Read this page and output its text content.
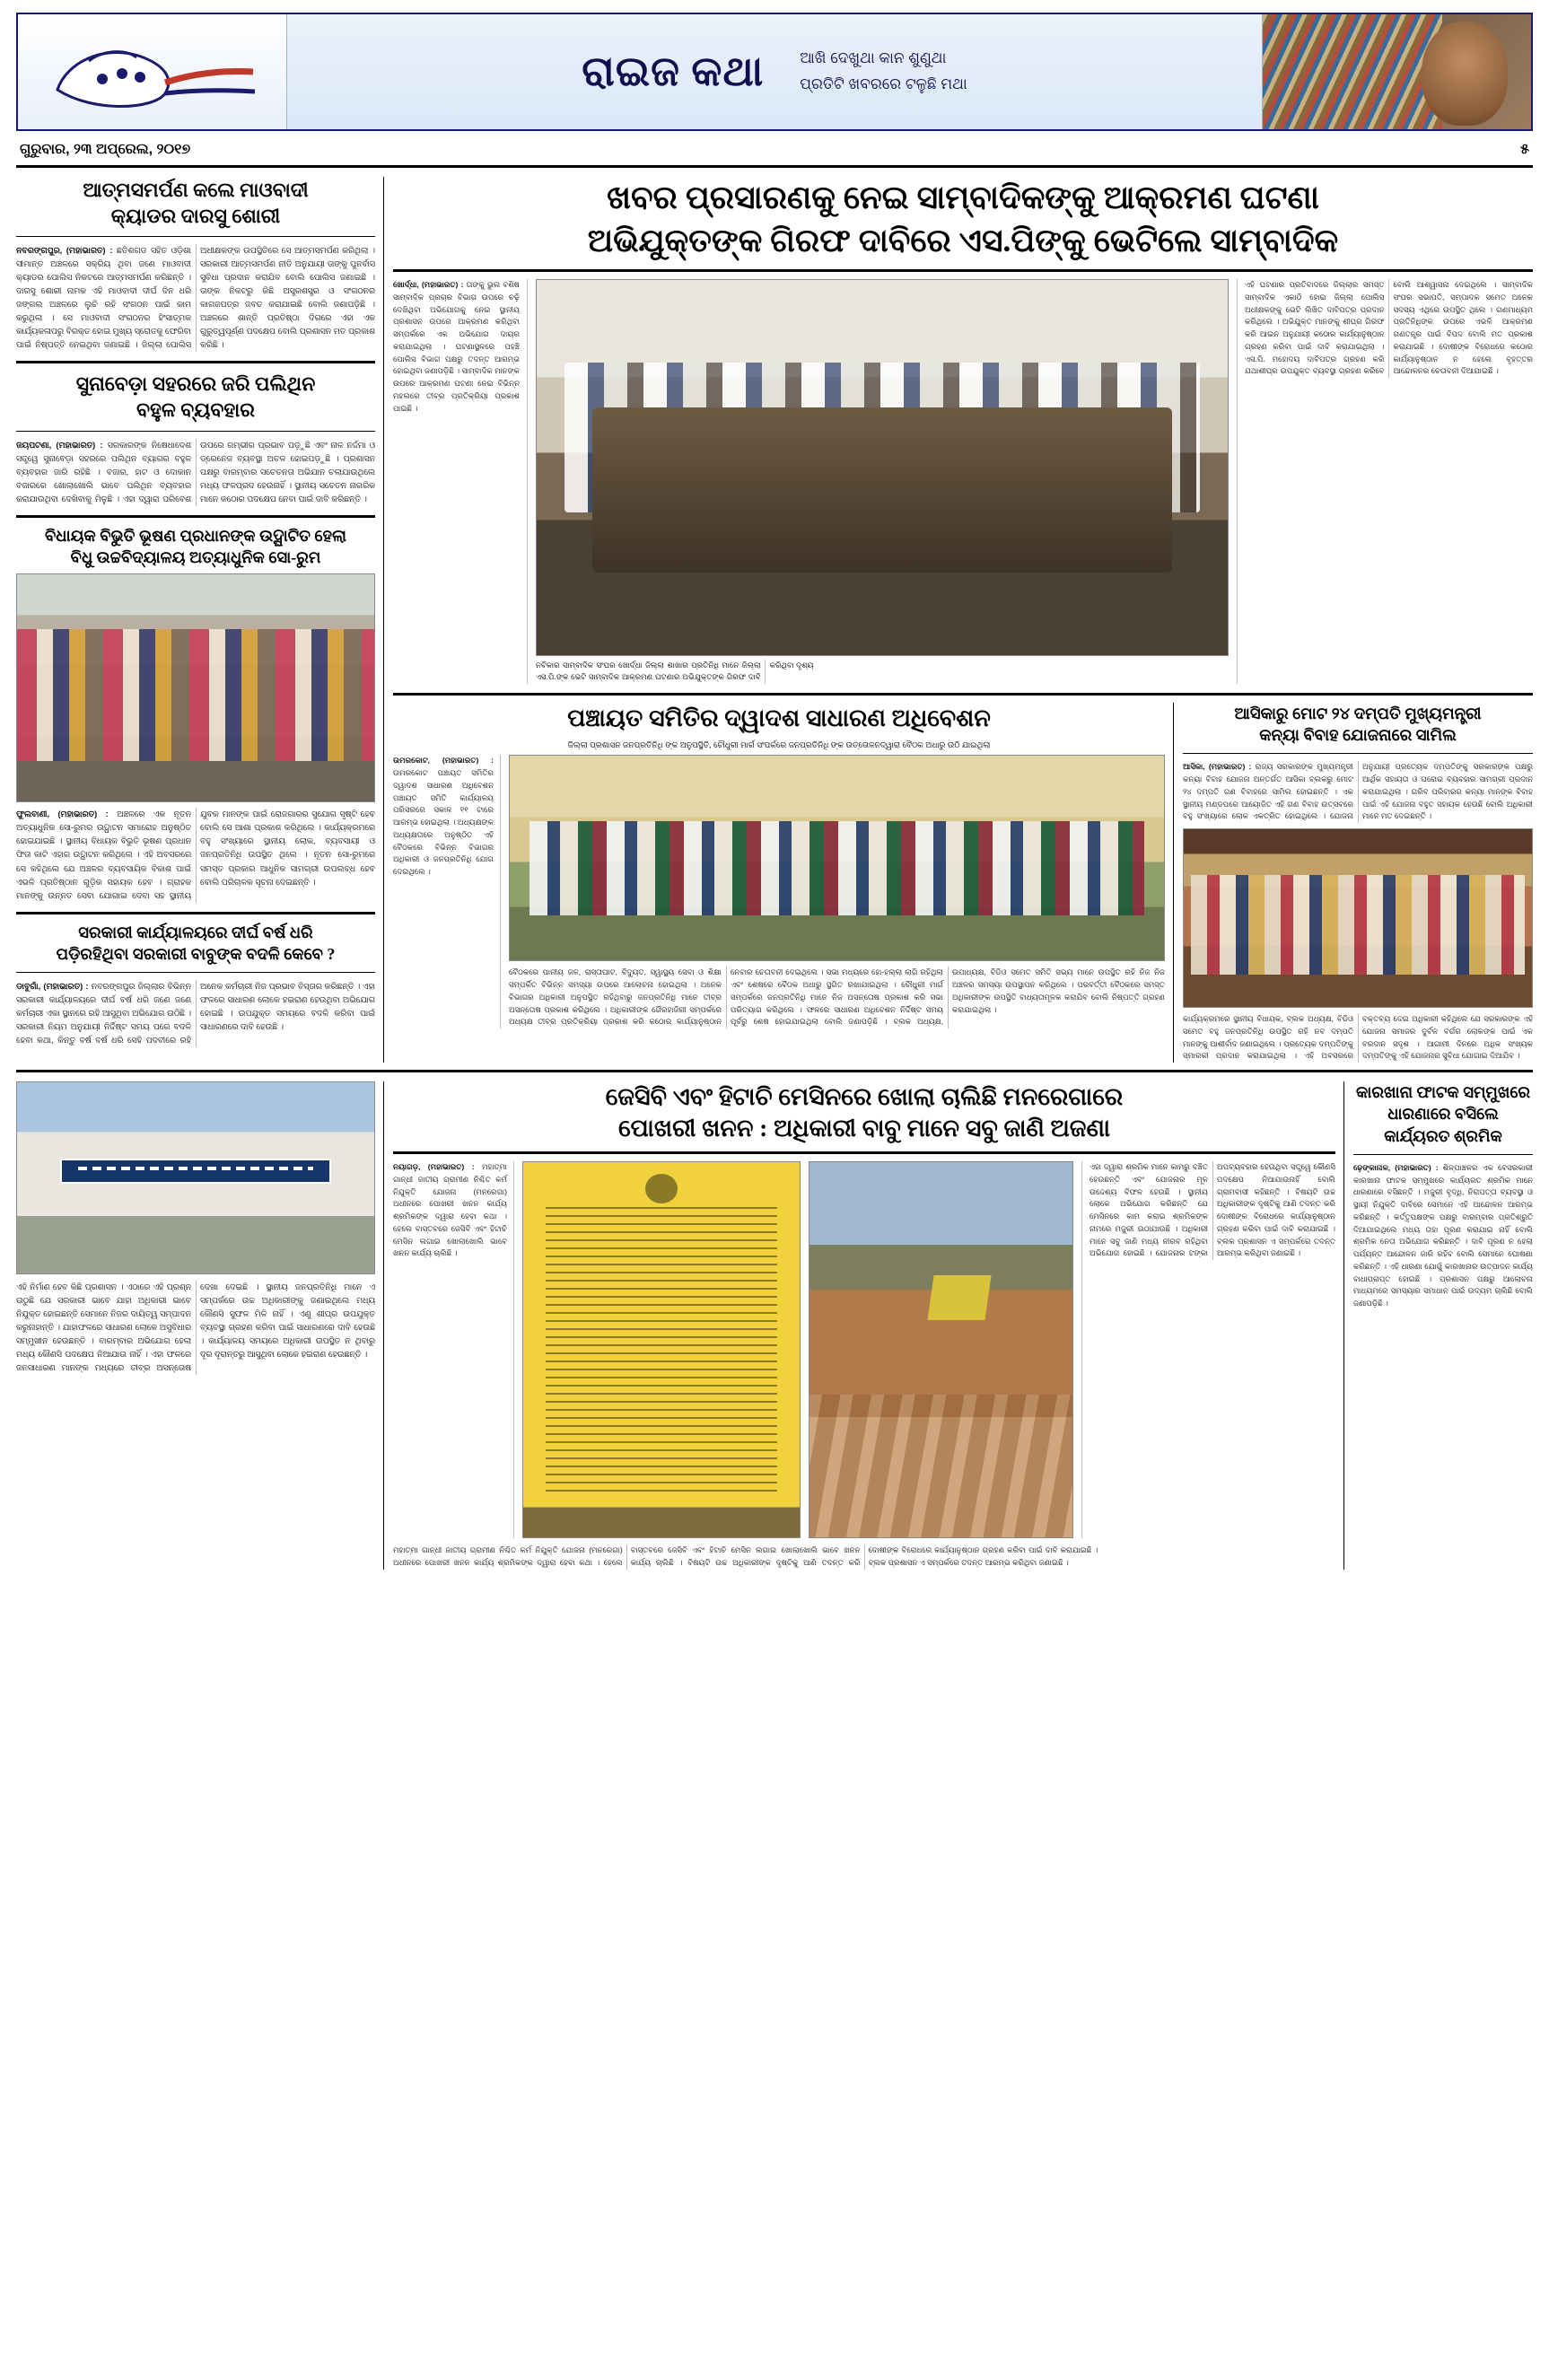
ରାଇଜ କଥା ଆଖି ଦେଖୁଥା କାନ ଶୁଣୁଥା
ପ୍ରତିଟି ଖବରରେ ଟଳୁଛି ମଥା
ଗୁରୁବାର, ୨୩ ଅପ୍ରେଲ, ୨୦୧୭	୫
ଆତ୍ମସମର୍ପଣ କଲେ ମାଓବାଦୀ
କ୍ୟାଡର ଦାରସୁ ଶୋରୀ
ନବରଙ୍ଗପୁର, (ମହାଭାରତ) : ଛତିଶଗଡ ସହିତ ଓଡ଼ିଶା ସୀମାନ୍ତ ଅଞ୍ଚଳରେ ସକ୍ରିୟ ଥିବା ଜଣେ ମାଓବାଦୀ କ୍ୟାଡର ପୋଲିସ ନିକଟରେ ଆତ୍ମସମର୍ପଣ କରିଛନ୍ତି । ଦାରସୁ ଶୋରୀ ନାମକ ଏହି ମାଓବାଦୀ ଦୀର୍ଘ ଦିନ ଧରି ଜଙ୍ଗଲ ଅଞ୍ଚଳରେ ଲୁଚି ରହି ସଂଗଠନ ପାଇଁ କାମ କରୁଥିଲା । ସେ ମାଓବାଦୀ ସଂଗଠନର ହିଂସାତ୍ମକ କାର୍ଯ୍ୟକଳାପରୁ ବିରକ୍ତ ହୋଇ ମୁଖ୍ୟ ସ୍ରୋତକୁ ଫେରିବା ପାଇଁ ନିଷ୍ପତ୍ତି ନେଇଥିବା ଜଣାଇଛି । ଜିଲ୍ଲା ପୋଲିସ ଅଧୀକ୍ଷକଙ୍କ ଉପସ୍ଥିତିରେ ସେ ଆତ୍ମସମର୍ପଣ କରିଥିଲା । ସରକାରୀ ଆତ୍ମସମର୍ପଣ ନୀତି ଅନୁଯାୟୀ ତାଙ୍କୁ ପୁନର୍ବାସ ସୁବିଧା ପ୍ରଦାନ କରାଯିବ ବୋଲି ପୋଲିସ ଜଣାଇଛି । ତାଙ୍କ ନିକଟରୁ କିଛି ଅସ୍ତ୍ରଶସ୍ତ୍ର ଓ ସଂଗଠନର କାଗଜପତ୍ର ଜବତ କରାଯାଇଛି ବୋଲି ଜଣାପଡ଼ିଛି । ଅଞ୍ଚଳରେ ଶାନ୍ତି ପ୍ରତିଷ୍ଠା ଦିଗରେ ଏହା ଏକ ଗୁରୁତ୍ୱପୂର୍ଣ୍ଣ ପଦକ୍ଷେପ ବୋଲି ପ୍ରଶାସନ ମତ ପ୍ରକାଶ କରିଛି ।
ସୁନାବେଡ଼ା ସହରରେ ଜରି ପଲିଥିନ
ବହୁଳ ବ୍ୟବହାର
ଜୟପଟଣା, (ମହାଭାରତ) : ସରକାରଙ୍କ ନିଷେଧାଦେଶ ସତ୍ତ୍ୱେ ସୁନାବେଡ଼ା ସହରରେ ପଲିଥିନ ବ୍ୟାଗର ବହୁଳ ବ୍ୟବହାର ଜାରି ରହିଛି । ବଜାର, ହାଟ ଓ ଦୋକାନ ବଜାରରେ ଖୋଲାଖୋଲି ଭାବେ ପଲିଥିନ ବ୍ୟବହାର କରାଯାଉଥିବା ଦେଖିବାକୁ ମିଳୁଛି । ଏହା ଦ୍ୱାରା ପରିବେଶ ଉପରେ ଗମ୍ଭୀର ପ୍ରଭାବ ପଡ଼ୁଛି ଏବଂ ନାଳ ନର୍ଦ୍ଦମା ଓ ଡ୍ରେନେଜ ବ୍ୟବସ୍ଥା ଅଚଳ ହୋଇପଡ଼ୁଛି । ପ୍ରଶାସନ ପକ୍ଷରୁ ବାରମ୍ବାର ସଚେତନତା ଅଭିଯାନ ଚଲାଯାଉଥିଲେ ମଧ୍ୟ ଫଳପ୍ରଦ ହେଉନାହିଁ । ସ୍ଥାନୀୟ ସଚେତନ ନାଗରିକ ମାନେ କଠୋର ପଦକ୍ଷେପ ନେବା ପାଇଁ ଦାବି କରିଛନ୍ତି ।
ବିଧାୟକ ବିଭୁତି ଭୂଷଣ ପ୍ରଧାନଙ୍କ ଉଦ୍ଘାଟିତ ହେଲା
ବିଧୁ ଉଚ୍ଚବିଦ୍ୟାଳୟ ଅତ୍ୟାଧୁନିକ ସୋ-ରୁମ
ଫୁଲବାଣୀ, (ମହାଭାରତ) : ଅଞ୍ଚଳରେ ଏକ ନୂତନ ଅତ୍ୟାଧୁନିକ ସୋ-ରୁମର ଉଦ୍ଘାଟନ ସମାରୋହ ଅନୁଷ୍ଠିତ ହୋଇଯାଇଛି । ସ୍ଥାନୀୟ ବିଧାୟକ ବିଭୁତି ଭୂଷଣ ପ୍ରଧାନ ଫିତା କାଟି ଏହାର ଉଦ୍ଘାଟନ କରିଥିଲେ । ଏହି ଅବସରରେ ସେ କହିଥିଲେ ଯେ ଅଞ୍ଚଳର ବ୍ୟବସାୟିକ ବିକାଶ ପାଇଁ ଏଭଳି ପ୍ରତିଷ୍ଠାନ ଗୁଡ଼ିକ ସହାୟକ ହେବ । ଗ୍ରାହକ ମାନଙ୍କୁ ଉନ୍ନତ ସେବା ଯୋଗାଇ ଦେବା ସହ ସ୍ଥାନୀୟ ଯୁବକ ମାନଙ୍କ ପାଇଁ ରୋଜଗାରର ସୁଯୋଗ ସୃଷ୍ଟି ହେବ ବୋଲି ସେ ଆଶା ପ୍ରକାଶ କରିଥିଲେ । କାର୍ଯ୍ୟକ୍ରମରେ ବହୁ ସଂଖ୍ୟାରେ ସ୍ଥାନୀୟ ଲୋକ, ବ୍ୟବସାୟୀ ଓ ଜନପ୍ରତିନିଧି ଉପସ୍ଥିତ ଥିଲେ । ନୂତନ ସୋ-ରୁମରେ ସମସ୍ତ ପ୍ରକାର ଆଧୁନିକ ସାମଗ୍ରୀ ଉପଲବ୍ଧ ହେବ ବୋଲି ପରିଚାଳକ ସୂଚନା ଦେଇଛନ୍ତି ।
ସରକାରୀ କାର୍ଯ୍ୟାଳୟରେ ଦୀର୍ଘ ବର୍ଷ ଧରି
ପଡ଼ିରହିଥିବା ସରକାରୀ ବାବୁଙ୍କ ବଦଳି କେବେ ?
ଡାବୁଗାଁ, (ମହାଭାରତ) : ନବରଙ୍ଗପୁର ଜିଲ୍ଲାର ବିଭିନ୍ନ ସରକାରୀ କାର୍ଯ୍ୟାଳୟରେ ଦୀର୍ଘ ବର୍ଷ ଧରି ଜଣେ ଜଣେ କର୍ମଚାରୀ ଏକା ସ୍ଥାନରେ ରହି ଆସୁଥିବା ଅଭିଯୋଗ ଉଠିଛି । ସରକାରୀ ନିୟମ ଅନୁଯାୟୀ ନିର୍ଦ୍ଦିଷ୍ଟ ସମୟ ପରେ ବଦଳି ହେବା କଥା, କିନ୍ତୁ ବର୍ଷ ବର୍ଷ ଧରି ସେହି ପଦବୀରେ ରହି ଅନେକ କର୍ମଚାରୀ ନିଜ ପ୍ରଭାବ ବିସ୍ତାର କରିଛନ୍ତି । ଏହା ଫଳରେ ସାଧାରଣ ଲୋକେ ହଇରାଣ ହେଉଥିବା ଅଭିଯୋଗ ହୋଇଛି । ଉପଯୁକ୍ତ ସମୟରେ ବଦଳି କରିବା ପାଇଁ ସାଧାରଣରେ ଦାବି ହେଉଛି ।
ଖବର ପ୍ରସାରଣକୁ ନେଇ ସାମ୍ବାଦିକଙ୍କୁ ଆକ୍ରମଣ ଘଟଣା
ଅଭିଯୁକ୍ତଙ୍କ ଗିରଫ ଦାବିରେ ଏସ.ପିଙ୍କୁ ଭେଟିଲେ ସାମ୍ବାଦିକ
ଖୋର୍ଦ୍ଧା, (ମହାଭାରତ) : ତାଙ୍କୁ ଭୁଲ ବଶିଷ ସାମ୍ବାଦିକ ପ୍ରଚାର ବିଭାଗ ଉପରେ ଚଢ଼ି ଦେଖିଥିବା ଅଭିଯୋଗକୁ ନେଇ ସ୍ଥାନୀୟ ପ୍ରଶାସନ ଉପରେ ଆକ୍ରମଣ କରିଥିବା ସମ୍ପର୍କରେ ଏକ ଅଭିଯୋଗ ଦାୟର କରାଯାଇଥିଲା । ଘଟଣାସ୍ଥଳରେ ପହଞ୍ଚି ପୋଲିସ ବିଭାଗ ପକ୍ଷରୁ ତଦନ୍ତ ଆରମ୍ଭ ହୋଇଥିବା ଜଣାପଡ଼ିଛି । ସାମ୍ବାଦିକ ମାନଙ୍କ ଉପରେ ଆକ୍ରମଣ ଘଟଣା ନେଇ ବିଭିନ୍ନ ମହଲରେ ତୀବ୍ର ପ୍ରତିକ୍ରିୟା ପ୍ରକାଶ ପାଇଛି ।
ନବିକାର ସାମ୍ବାଦିକ ସଂଘର ଖୋର୍ଦ୍ଧା ଜିଲ୍ଲା ଶାଖାର ପ୍ରତିନିଧି ମାନେ ଜିଲ୍ଲା ଏସ.ପି.ଙ୍କ ଭେଟି ସାମ୍ବାଦିକ ଆକ୍ରମଣ ଘଟଣାର ଅଭିଯୁକ୍ତଙ୍କ ଗିରଫ ଦାବି କରିଥିବା ଦୃଶ୍ୟ
ଏହି ଘଟଣାର ପ୍ରତିବାଦରେ ଜିଲ୍ଲାର ସମସ୍ତ ସାମ୍ବାଦିକ ଏକାଠି ହୋଇ ଜିଲ୍ଲା ପୋଲିସ ଅଧୀକ୍ଷକଙ୍କୁ ଭେଟି ଲିଖିତ ଦାବିପତ୍ର ପ୍ରଦାନ କରିଥିଲେ । ଅଭିଯୁକ୍ତ ମାନଙ୍କୁ ଶୀଘ୍ର ଗିରଫ କରି ଆଇନ ଅନୁଯାୟୀ କଠୋର କାର୍ଯ୍ୟାନୁଷ୍ଠାନ ଗ୍ରହଣ କରିବା ପାଇଁ ଦାବି କରାଯାଇଥିଲା । ଏସ.ପି. ମହୋଦୟ ଦାବିପତ୍ର ଗ୍ରହଣ କରି ଯଥାଶୀଘ୍ର ଉପଯୁକ୍ତ ବ୍ୟବସ୍ଥା ଗ୍ରହଣ କରିବେ ବୋଲି ଆଶ୍ୱାସନା ଦେଇଥିଲେ । ସାମ୍ବାଦିକ ସଂଘର ସଭାପତି, ସମ୍ପାଦକ ସମେତ ଅନେକ ସଦସ୍ୟ ଏଥିରେ ଉପସ୍ଥିତ ଥିଲେ । ଗଣମାଧ୍ୟମ ପ୍ରତିନିଧିଙ୍କ ଉପରେ ଏଭଳି ଆକ୍ରମଣ ଗଣତନ୍ତ୍ର ପାଇଁ ବିପଦ ବୋଲି ମତ ପ୍ରକାଶ କରାଯାଇଛି । ଦୋଷୀଙ୍କ ବିରୋଧରେ କଠୋର କାର୍ଯ୍ୟାନୁଷ୍ଠାନ ନ ହେଲେ ବୃହତ୍ତର ଆନ୍ଦୋଳନର ଚେତାବନୀ ଦିଆଯାଇଛି ।
ପଞ୍ଚାୟତ ସମିତିର ଦ୍ୱାଦଶ ସାଧାରଣ ଅଧିବେଶନ
ଜିଲ୍ଲା ପ୍ରଶାସନ ଜନପ୍ରତିନିଧି ଙ୍କ ଅନୁପସ୍ଥିତି, ଚୌଧୁରୀ ମାର୍ଗ ସଂପର୍କରେ ଜନପ୍ରତିନିଧି ଙ୍କ ଉତ୍ତୋଳନଦ୍ୱାରା ବୈଠକ ଅଧାରୁ ଉଠି ଯାଇଥିଲା
ଉମରକୋଟ, (ମହାଭାରତ) : ଉମରକୋଟ ପଞ୍ଚାୟତ ସମିତିର ଦ୍ୱାଦଶ ସାଧାରଣ ଅଧିବେଶନ ପଞ୍ଚାୟତ ସମିତି କାର୍ଯ୍ୟାଳୟ ପରିସରରେ ସକାଳ ୧୧ ଟାରେ ଆରମ୍ଭ ହୋଇଥିଲା । ଅଧ୍ୟକ୍ଷଙ୍କ ଅଧ୍ୟକ୍ଷତାରେ ଅନୁଷ୍ଠିତ ଏହି ବୈଠକରେ ବିଭିନ୍ନ ବିଭାଗର ଅଧିକାରୀ ଓ ଜନପ୍ରତିନିଧି ଯୋଗ ଦେଇଥିଲେ ।
ବୈଠକରେ ପାନୀୟ ଜଳ, ରାସ୍ତାଘାଟ, ବିଦ୍ୟୁତ, ସ୍ୱାସ୍ଥ୍ୟ ସେବା ଓ ଶିକ୍ଷା ସମ୍ପର୍କିତ ବିଭିନ୍ନ ସମସ୍ୟା ଉପରେ ଆଲୋଚନା ହୋଇଥିଲା । ଅନେକ ବିଭାଗର ଅଧିକାରୀ ଅନୁପସ୍ଥିତ ରହିଥିବାରୁ ଜନପ୍ରତିନିଧି ମାନେ ତୀବ୍ର ଅସନ୍ତୋଷ ପ୍ରକାଶ କରିଥିଲେ । ଅଧିକାରୀଙ୍କ ଗୈରହାଜିରୀ ସମ୍ପର୍କରେ ଅଧ୍ୟକ୍ଷ ତୀବ୍ର ପ୍ରତିକ୍ରିୟା ପ୍ରକାଶ କରି କଠୋର କାର୍ଯ୍ୟାନୁଷ୍ଠାନ ନେବାର ଚେତାବନୀ ଦେଇଥିଲେ । ସଭା ମଧ୍ୟରେ ହୋ-ହଲ୍ଲା ଲାଗି ରହିଥିଲା ଏବଂ ଶେଷରେ ବୈଠକ ଅଧାରୁ ସ୍ଥଗିତ ରଖାଯାଇଥିଲା । ଚୌଧୁରୀ ମାର୍ଗ ସମ୍ପର୍କରେ ଜନପ୍ରତିନିଧି ମାନେ ନିଜ ଅସନ୍ତୋଷ ପ୍ରକାଶ କରି ସଭା ପରିତ୍ୟାଗ କରିଥିଲେ । ଫଳରେ ସାଧାରଣ ଅଧିବେଶନ ନିର୍ଦ୍ଦିଷ୍ଟ ସମୟ ପୂର୍ବରୁ ଶେଷ ହୋଇଯାଇଥିଲା ବୋଲି ଜଣାପଡ଼ିଛି । ବ୍ଲକ ଅଧ୍ୟକ୍ଷ, ଉପାଧ୍ୟକ୍ଷ, ବିଡିଓ ସମେତ ସମିତି ସଭ୍ୟ ମାନେ ଉପସ୍ଥିତ ରହି ନିଜ ନିଜ ଅଞ୍ଚଳର ସମସ୍ୟା ଉପସ୍ଥାପନ କରିଥିଲେ । ପରବର୍ତ୍ତୀ ବୈଠକରେ ସମସ୍ତ ଅଧିକାରୀଙ୍କ ଉପସ୍ଥିତି ବାଧ୍ୟତାମୂଳକ କରାଯିବ ବୋଲି ନିଷ୍ପତ୍ତି ଗ୍ରହଣ କରାଯାଇଥିଲା ।
ଆସିକାରୁ ମୋଟ ୨୪ ଦମ୍ପତି ମୁଖ୍ୟମନ୍ତ୍ରୀ
କନ୍ୟା ବିବାହ ଯୋଜନାରେ ସାମିଲ
ଆସିକା, (ମହାଭାରତ) : ରାଜ୍ୟ ସରକାରଙ୍କ ମୁଖ୍ୟମନ୍ତ୍ରୀ କନ୍ୟା ବିବାହ ଯୋଜନା ଅନ୍ତର୍ଗତ ଆସିକା ବ୍ଲକରୁ ମୋଟ ୨୪ ଦମ୍ପତି ଗଣ ବିବାହରେ ସାମିଲ ହୋଇଛନ୍ତି । ଏକ ସ୍ଥାନୀୟ ମଣ୍ଡପରେ ଆୟୋଜିତ ଏହି ଗଣ ବିବାହ ଉତ୍ସବରେ ବହୁ ସଂଖ୍ୟାରେ ଲୋକ ଏକତ୍ରିତ ହୋଇଥିଲେ । ଯୋଜନା ଅନୁଯାୟୀ ପ୍ରତ୍ୟେକ ଦମ୍ପତିଙ୍କୁ ସରକାରଙ୍କ ପକ୍ଷରୁ ଆର୍ଥିକ ସହାୟତା ଓ ଘରୋଇ ବ୍ୟବହାର ସାମଗ୍ରୀ ପ୍ରଦାନ କରାଯାଇଥିଲା । ଗରିବ ପରିବାରର କନ୍ୟା ମାନଙ୍କ ବିବାହ ପାଇଁ ଏହି ଯୋଜନା ବହୁତ ସହାୟକ ହେଉଛି ବୋଲି ଅଧିକାରୀ ମାନେ ମତ ଦେଇଛନ୍ତି ।
କାର୍ଯ୍ୟକ୍ରମରେ ସ୍ଥାନୀୟ ବିଧାୟକ, ବ୍ଲକ ଅଧ୍ୟକ୍ଷ, ବିଡିଓ ସମେତ ବହୁ ଜନପ୍ରତିନିଧି ଉପସ୍ଥିତ ରହି ନବ ଦମ୍ପତି ମାନଙ୍କୁ ଆଶୀର୍ବାଦ ଜଣାଇଥିଲେ । ପ୍ରତ୍ୟେକ ଦମ୍ପତିଙ୍କୁ ସ୍ମାରକୀ ପ୍ରଦାନ କରାଯାଇଥିଲା । ଏହି ଅବସରରେ ବକ୍ତବ୍ୟ ଦେଇ ଅଧିକାରୀ କହିଥିଲେ ଯେ ସରକାରଙ୍କ ଏହି ଯୋଜନା ସମାଜର ଦୁର୍ବଳ ବର୍ଗର ଲୋକଙ୍କ ପାଇଁ ଏକ ବରଦାନ ସଦୃଶ । ଆଗାମୀ ଦିନରେ ଅଧିକ ସଂଖ୍ୟକ ଦମ୍ପତିଙ୍କୁ ଏହି ଯୋଜନାର ସୁବିଧା ଯୋଗାଇ ଦିଆଯିବ ।
ଏହି ନିର୍ମାଣ ହେବ କିଛି ପ୍ରଶାସନ । ଏଠାରେ ଏହି ପ୍ରଶ୍ନ ଉଠୁଛି ଯେ ସରକାରୀ ଭାବେ ଯାହା ଅଧିକାରୀ ଭାବେ ନିଯୁକ୍ତ ହୋଇଛନ୍ତି ସେମାନେ ନିଜର ଦାୟିତ୍ୱ ସମ୍ପାଦନ କରୁନାହାନ୍ତି । ଯାହାଫଳରେ ସାଧାରଣ ଲୋକେ ଅସୁବିଧାର ସମ୍ମୁଖୀନ ହେଉଛନ୍ତି । ବାରମ୍ବାର ଅଭିଯୋଗ ହେଲା ମଧ୍ୟ କୌଣସି ପଦକ୍ଷେପ ନିଆଯାଉ ନାହିଁ । ଏହା ଫଳରେ ଜନସାଧାରଣ ମାନଙ୍କ ମଧ୍ୟରେ ତୀବ୍ର ଅସନ୍ତୋଷ ଦେଖା ଦେଇଛି । ସ୍ଥାନୀୟ ଜନପ୍ରତିନିଧି ମାନେ ଏ ସମ୍ପର୍କରେ ଉଚ୍ଚ ଅଧିକାରୀଙ୍କୁ ଜଣାଇଥିଲେ ମଧ୍ୟ କୌଣସି ସୁଫଳ ମିଳି ନାହିଁ । ଏଣୁ ଶୀଘ୍ର ଉପଯୁକ୍ତ ବ୍ୟବସ୍ଥା ଗ୍ରହଣ କରିବା ପାଇଁ ସାଧାରଣରେ ଦାବି ହେଉଛି । କାର୍ଯ୍ୟାଳୟ ସମୟରେ ଅଧିକାରୀ ଉପସ୍ଥିତ ନ ଥିବାରୁ ଦୂର ଦୂରାନ୍ତରୁ ଆସୁଥିବା ଲୋକେ ହଇରାଣ ହେଉଛନ୍ତି ।
ଜେସିବି ଏବଂ ହିଟାଚି ମେସିନରେ ଖୋଲା ଚାଲିଛି ମନରେଗାରେ
ପୋଖରୀ ଖନନ : ଅଧିକାରୀ ବାବୁ ମାନେ ସବୁ ଜାଣି ଅଜଣା
ନୟାଗଡ଼, (ମହାଭାରତ) : ମହାତ୍ମା ଗାନ୍ଧୀ ଜାତୀୟ ଗ୍ରାମୀଣ ନିଶ୍ଚିତ କର୍ମ ନିଯୁକ୍ତି ଯୋଜନା (ମନରେଗା) ଅଧୀନରେ ପୋଖରୀ ଖନନ କାର୍ଯ୍ୟ ଶ୍ରମିକଙ୍କ ଦ୍ୱାରା ହେବା କଥା । ହେଲେ ବାସ୍ତବରେ ଜେସିବି ଏବଂ ହିଟାଚି ମେସିନ ଲଗାଇ ଖୋଲାଖୋଲି ଭାବେ ଖନନ କାର୍ଯ୍ୟ ଚାଲିଛି ।
ଏହା ଦ୍ୱାରା ଶ୍ରମିକ ମାନେ କାମରୁ ବଞ୍ଚିତ ହେଉଛନ୍ତି ଏବଂ ଯୋଜନାର ମୂଳ ଉଦ୍ଦେଶ୍ୟ ବିଫଳ ହେଉଛି । ସ୍ଥାନୀୟ ଲୋକେ ଅଭିଯୋଗ କରିଛନ୍ତି ଯେ ମେସିନରେ କାମ କରାଇ ଶ୍ରମିକଙ୍କ ନାମରେ ମଜୁରୀ ଉଠାଯାଉଛି । ଅଧିକାରୀ ମାନେ ସବୁ ଜାଣି ମଧ୍ୟ ନୀରବ ରହିଥିବା ଅଭିଯୋଗ ହୋଇଛି । ଯୋଜନାର ଟଙ୍କା ଅପବ୍ୟବହାର ହେଉଥିବା ସତ୍ତ୍ୱେ କୌଣସି ପଦକ୍ଷେପ ନିଆଯାଉନାହିଁ ବୋଲି ଗ୍ରାମବାସୀ କହିଛନ୍ତି । ବିଷୟଟି ଉଚ୍ଚ ଅଧିକାରୀଙ୍କ ଦୃଷ୍ଟିକୁ ଆଣି ତଦନ୍ତ କରି ଦୋଷୀଙ୍କ ବିରୋଧରେ କାର୍ଯ୍ୟାନୁଷ୍ଠାନ ଗ୍ରହଣ କରିବା ପାଇଁ ଦାବି କରାଯାଇଛି । ବ୍ଲକ ପ୍ରଶାସନ ଏ ସମ୍ପର୍କରେ ତଦନ୍ତ ଆରମ୍ଭ କରିଥିବା ଜଣାଇଛି ।
ମହାତ୍ମା ଗାନ୍ଧୀ ଜାତୀୟ ଗ୍ରାମୀଣ ନିଶ୍ଚିତ କର୍ମ ନିଯୁକ୍ତି ଯୋଜନା (ମନରେଗା) ଅଧୀନରେ ପୋଖରୀ ଖନନ କାର୍ଯ୍ୟ ଶ୍ରମିକଙ୍କ ଦ୍ୱାରା ହେବା କଥା । ହେଲେ ବାସ୍ତବରେ ଜେସିବି ଏବଂ ହିଟାଚି ମେସିନ ଲଗାଇ ଖୋଲାଖୋଲି ଭାବେ ଖନନ କାର୍ଯ୍ୟ ଚାଲିଛି । ବିଷୟଟି ଉଚ୍ଚ ଅଧିକାରୀଙ୍କ ଦୃଷ୍ଟିକୁ ଆଣି ତଦନ୍ତ କରି ଦୋଷୀଙ୍କ ବିରୋଧରେ କାର୍ଯ୍ୟାନୁଷ୍ଠାନ ଗ୍ରହଣ କରିବା ପାଇଁ ଦାବି କରାଯାଇଛି । ବ୍ଲକ ପ୍ରଶାସନ ଏ ସମ୍ପର୍କରେ ତଦନ୍ତ ଆରମ୍ଭ କରିଥିବା ଜଣାଇଛି ।
କାରଖାନା ଫାଟକ ସମ୍ମୁଖରେ
ଧାରଣାରେ ବସିଲେ
କାର୍ଯ୍ୟରତ ଶ୍ରମିକ
ଢ଼େଙ୍କାନାଳ, (ମହାଭାରତ) : ଶିଳ୍ପାଞ୍ଚଳର ଏକ ବେସରକାରୀ କାରଖାନା ଫାଟକ ସମ୍ମୁଖରେ କାର୍ଯ୍ୟରତ ଶ୍ରମିକ ମାନେ ଧାରଣାରେ ବସିଛନ୍ତି । ମଜୁରୀ ବୃଦ୍ଧି, ନିରାପତ୍ତା ବ୍ୟବସ୍ଥା ଓ ସ୍ଥାୟୀ ନିଯୁକ୍ତି ଦାବିରେ ସେମାନେ ଏହି ଆନ୍ଦୋଳନ ଆରମ୍ଭ କରିଛନ୍ତି । କର୍ତ୍ତୃପକ୍ଷଙ୍କ ପକ୍ଷରୁ ବାରମ୍ବାର ପ୍ରତିଶ୍ରୁତି ଦିଆଯାଇଥିଲେ ମଧ୍ୟ ତାହା ପୂରଣ କରାଯାଇ ନାହିଁ ବୋଲି ଶ୍ରମିକ ନେତା ଅଭିଯୋଗ କରିଛନ୍ତି । ଦାବି ପୂରଣ ନ ହେଲା ପର୍ଯ୍ୟନ୍ତ ଆନ୍ଦୋଳନ ଜାରି ରହିବ ବୋଲି ସେମାନେ ଘୋଷଣା କରିଛନ୍ତି । ଏହି ଧାରଣା ଯୋଗୁଁ କାରଖାନାର ଉତ୍ପାଦନ କାର୍ଯ୍ୟ ବାଧାପ୍ରାପ୍ତ ହୋଇଛି । ପ୍ରଶାସନ ପକ୍ଷରୁ ଆଲୋଚନା ମାଧ୍ୟମରେ ସମସ୍ୟାର ସମାଧାନ ପାଇଁ ଉଦ୍ୟମ ଚାଲିଛି ବୋଲି ଜଣାପଡ଼ିଛି ।
